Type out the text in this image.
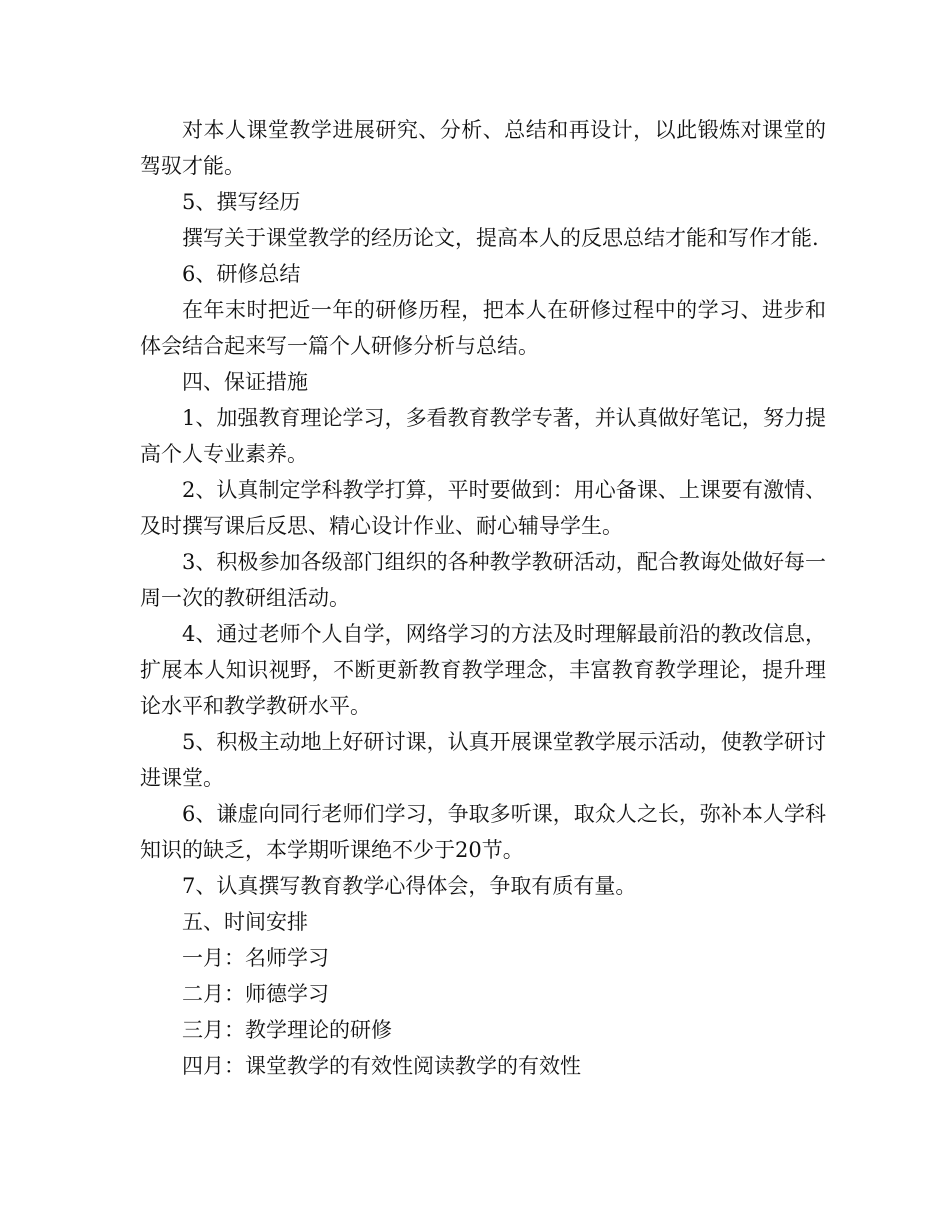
对本人课堂教学进展研究、分析、总结和再设计，以此锻炼对课堂的驾驭才能。

5、撰写经历

撰写关于课堂教学的经历论文，提高本人的反思总结才能和写作才能.

6、研修总结

在年末时把近一年的研修历程，把本人在研修过程中的学习、进步和体会结合起来写一篇个人研修分析与总结。

四、保证措施

1、加强教育理论学习，多看教育教学专著，并认真做好笔记，努力提高个人专业素养。

2、认真制定学科教学打算，平时要做到：用心备课、上课要有激情、及时撰写课后反思、精心设计作业、耐心辅导学生。

3、积极参加各级部门组织的各种教学教研活动，配合教诲处做好每一周一次的教研组活动。

4、通过老师个人自学，网络学习的方法及时理解最前沿的教改信息，扩展本人知识视野，不断更新教育教学理念，丰富教育教学理论，提升理论水平和教学教研水平。

5、积极主动地上好研讨课，认真开展课堂教学展示活动，使教学研讨进课堂。

6、谦虚向同行老师们学习，争取多听课，取众人之长，弥补本人学科知识的缺乏，本学期听课绝不少于20节。

7、认真撰写教育教学心得体会，争取有质有量。

五、时间安排

一月：名师学习

二月：师德学习

三月：教学理论的研修

四月：课堂教学的有效性阅读教学的有效性
